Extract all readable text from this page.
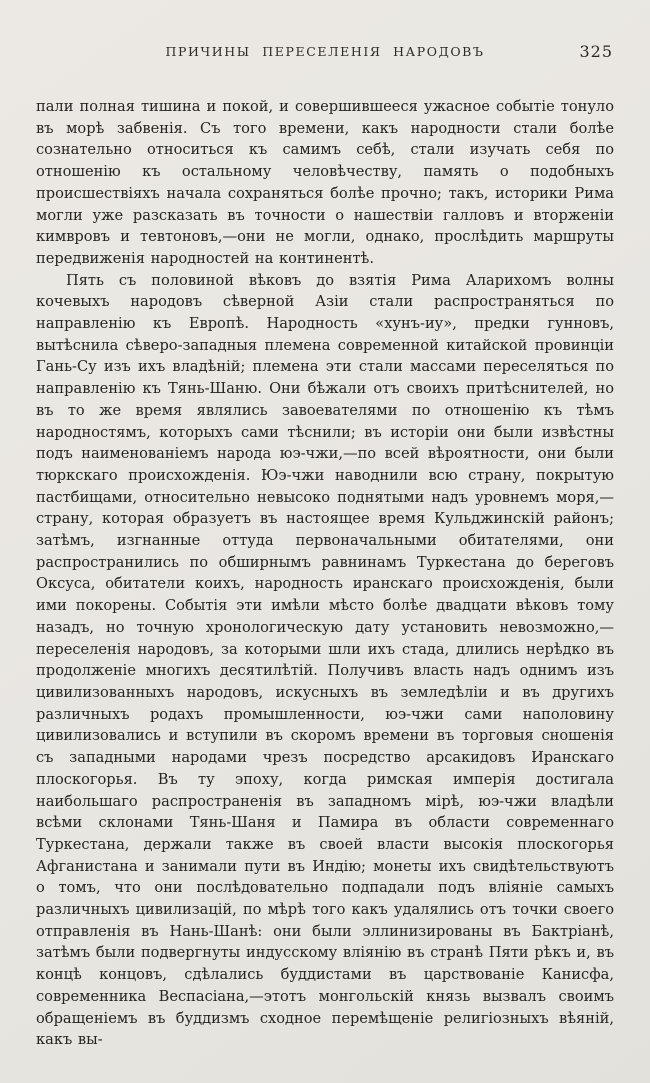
ПРИЧИНЫ ПЕРЕСЕЛЕНІЯ НАРОДОВЪ	325

пали полная тишина и покой, и совершившееся ужасное событіе тонуло въ морѣ забвенія. Съ того времени, какъ народности стали болѣе сознательно относиться къ самимъ себѣ, стали изучать себя по отношенію къ остальному человѣчеству, память о подобныхъ происшествіяхъ начала сохраняться болѣе прочно; такъ, историки Рима могли уже разсказать въ точности о нашествіи галловъ и вторженіи кимвровъ и тевтоновъ,—они не могли, однако, прослѣдить маршруты передвиженія народностей на континентѣ.

Пять съ половиной вѣковъ до взятія Рима Аларихомъ волны кочевыхъ народовъ сѣверной Азіи стали распространяться по направленію къ Европѣ. Народность «хунъ-иу», предки гунновъ, вытѣснила сѣверо-западныя племена современной китайской провинціи Гань-Су изъ ихъ владѣній; племена эти стали массами переселяться по направленію къ Тянь-Шаню. Они бѣжали отъ своихъ притѣснителей, но въ то же время являлись завоевателями по отношенію къ тѣмъ народностямъ, которыхъ сами тѣснили; въ исторіи они были извѣстны подъ наименованіемъ народа юэ-чжи,—по всей вѣроятности, они были тюркскаго происхожденія. Юэ-чжи наводнили всю страну, покрытую пастбищами, относительно невысоко поднятыми надъ уровнемъ моря,—страну, которая образуетъ въ настоящее время Кульджинскій районъ; затѣмъ, изгнанные оттуда первоначальными обитателями, они распространились по обширнымъ равнинамъ Туркестана до береговъ Оксуса, обитатели коихъ, народность иранскаго происхожденія, были ими покорены. Событія эти имѣли мѣсто болѣе двадцати вѣковъ тому назадъ, но точную хронологическую дату установить невозможно,—переселенія народовъ, за которыми шли ихъ стада, длились нерѣдко въ продолженіе многихъ десятилѣтій. Получивъ власть надъ однимъ изъ цивилизованныхъ народовъ, искусныхъ въ земледѣліи и въ другихъ различныхъ родахъ промышленности, юэ-чжи сами наполовину цивилизовались и вступили въ скоромъ времени въ торговыя сношенія съ западными народами чрезъ посредство арсакидовъ Иранскаго плоскогорья. Въ ту эпоху, когда римская имперія достигала наибольшаго распространенія въ западномъ мірѣ, юэ-чжи владѣли всѣми склонами Тянь-Шаня и Памира въ области современнаго Туркестана, держали также въ своей власти высокія плоскогорья Афганистана и занимали пути въ Индію; монеты ихъ свидѣтельствуютъ о томъ, что они послѣдовательно подпадали подъ вліяніе самыхъ различныхъ цивилизацій, по мѣрѣ того какъ удалялись отъ точки своего отправленія въ Нань-Шанѣ: они были эллинизированы въ Бактріанѣ, затѣмъ были подвергнуты индусскому вліянію въ странѣ Пяти рѣкъ и, въ концѣ концовъ, сдѣлались буддистами въ царствованіе Канисфа, современника Веспасіана,—этотъ монгольскій князь вызвалъ своимъ обращеніемъ въ буддизмъ сходное перемѣщеніе религіозныхъ вѣяній, какъ вы-
